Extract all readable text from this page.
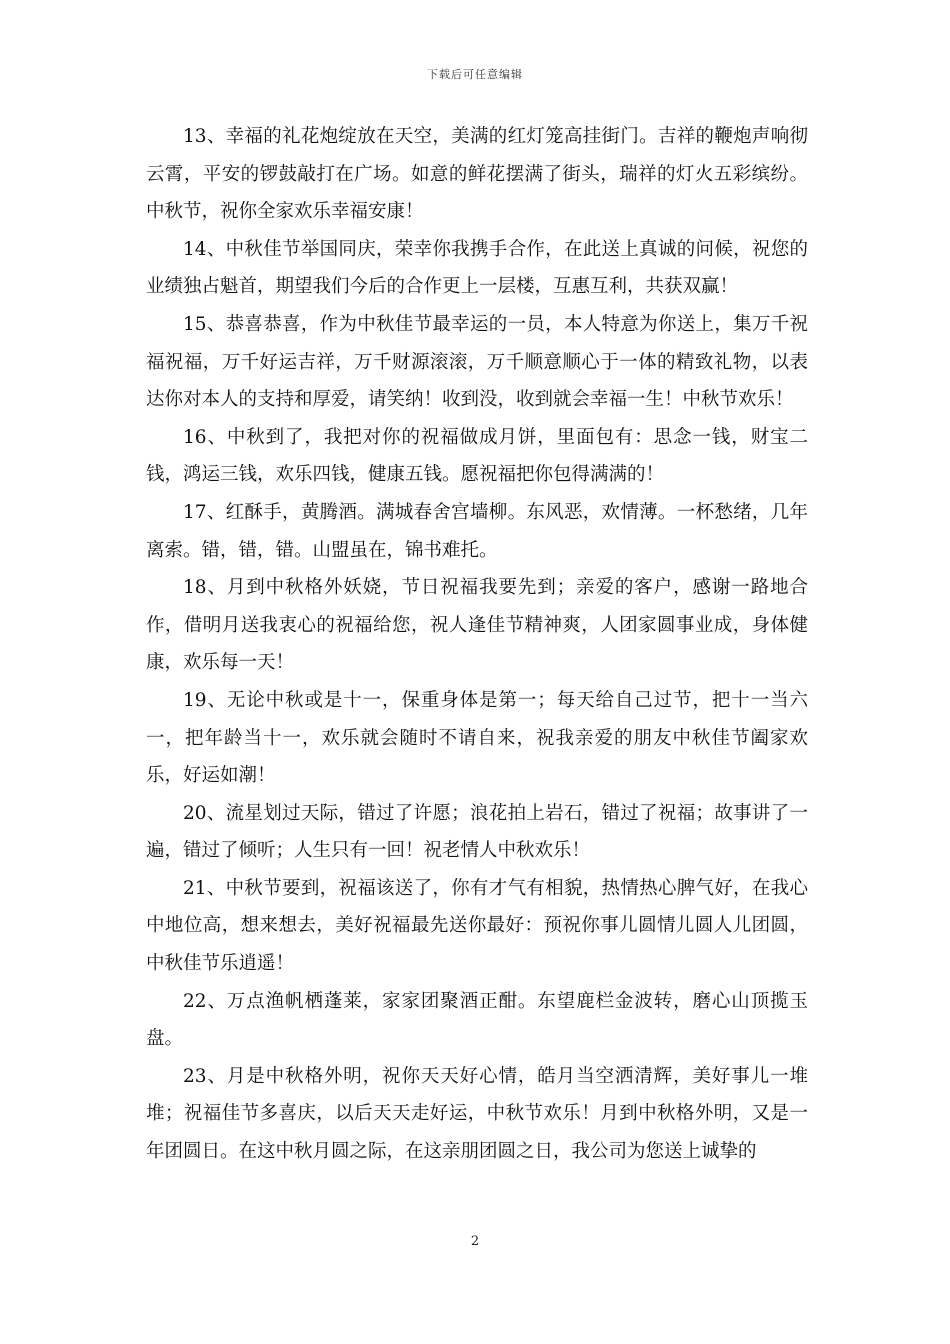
下载后可任意编辑

13、幸福的礼花炮绽放在天空，美满的红灯笼高挂街门。吉祥的鞭炮声响彻云霄，平安的锣鼓敲打在广场。如意的鲜花摆满了街头，瑞祥的灯火五彩缤纷。中秋节，祝你全家欢乐幸福安康！

14、中秋佳节举国同庆，荣幸你我携手合作，在此送上真诚的问候，祝您的业绩独占魁首，期望我们今后的合作更上一层楼，互惠互利，共获双赢！

15、恭喜恭喜，作为中秋佳节最幸运的一员，本人特意为你送上，集万千祝福祝福，万千好运吉祥，万千财源滚滚，万千顺意顺心于一体的精致礼物，以表达你对本人的支持和厚爱，请笑纳！收到没，收到就会幸福一生！中秋节欢乐！

16、中秋到了，我把对你的祝福做成月饼，里面包有：思念一钱，财宝二钱，鸿运三钱，欢乐四钱，健康五钱。愿祝福把你包得满满的！

17、红酥手，黄腾酒。满城春舍宫墙柳。东风恶，欢情薄。一杯愁绪，几年离索。错，错，错。山盟虽在，锦书难托。

18、月到中秋格外妖娆，节日祝福我要先到；亲爱的客户，感谢一路地合作，借明月送我衷心的祝福给您，祝人逢佳节精神爽，人团家圆事业成，身体健康，欢乐每一天！

19、无论中秋或是十一，保重身体是第一；每天给自己过节，把十一当六一，把年龄当十一，欢乐就会随时不请自来，祝我亲爱的朋友中秋佳节阖家欢乐，好运如潮！

20、流星划过天际，错过了许愿；浪花拍上岩石，错过了祝福；故事讲了一遍，错过了倾听；人生只有一回！祝老情人中秋欢乐！

21、中秋节要到，祝福该送了，你有才气有相貌，热情热心脾气好，在我心中地位高，想来想去，美好祝福最先送你最好：预祝你事儿圆情儿圆人儿团圆，中秋佳节乐逍遥！

22、万点渔帆栖蓬莱，家家团聚酒正酣。东望鹿栏金波转，磨心山顶揽玉盘。

23、月是中秋格外明，祝你天天好心情，皓月当空洒清辉，美好事儿一堆堆；祝福佳节多喜庆，以后天天走好运，中秋节欢乐！月到中秋格外明，又是一年团圆日。在这中秋月圆之际，在这亲朋团圆之日，我公司为您送上诚挚的

2
